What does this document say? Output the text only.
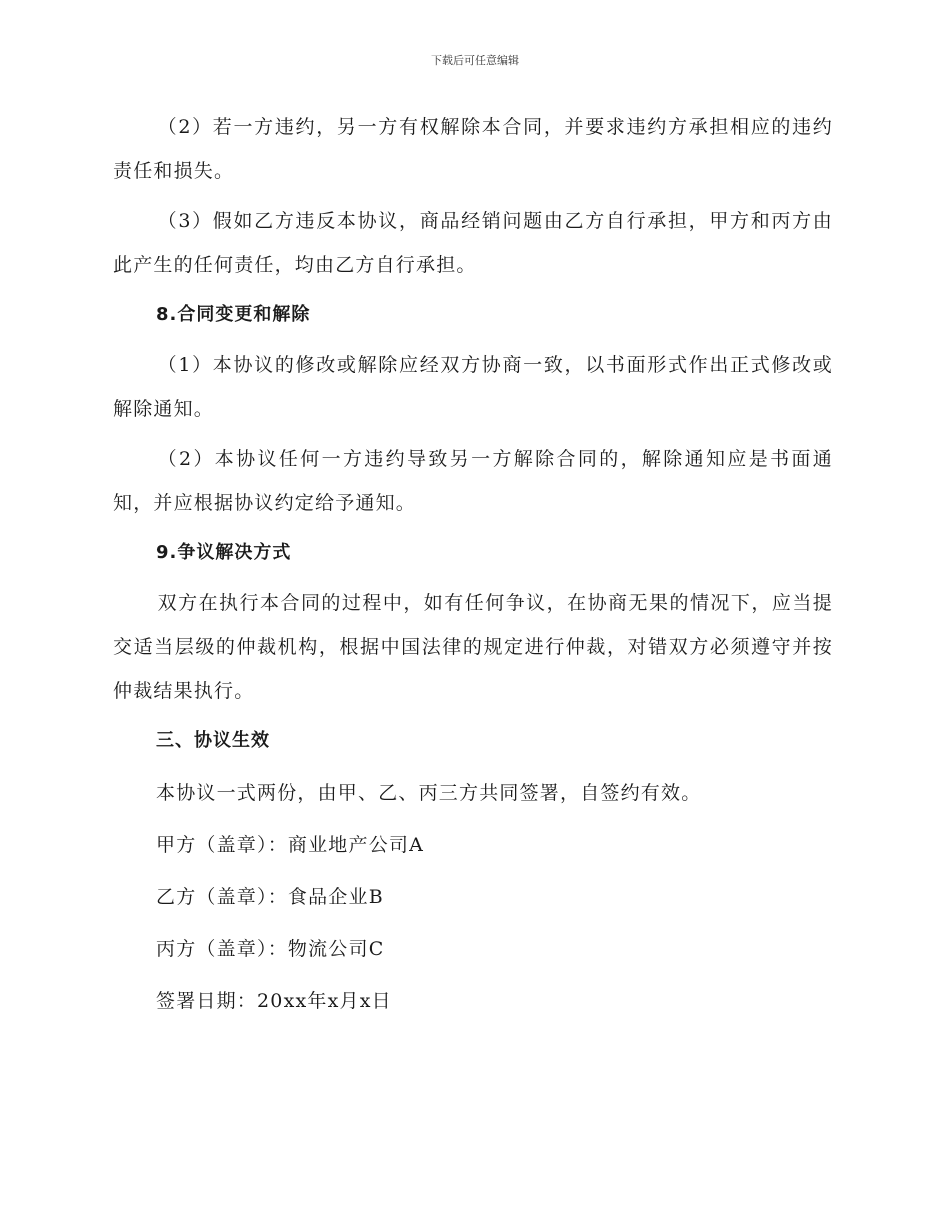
下载后可任意编辑

（2）若一方违约，另一方有权解除本合同，并要求违约方承担相应的违约责任和损失。

（3）假如乙方违反本协议，商品经销问题由乙方自行承担，甲方和丙方由此产生的任何责任，均由乙方自行承担。

8.合同变更和解除

（1）本协议的修改或解除应经双方协商一致，以书面形式作出正式修改或解除通知。

（2）本协议任何一方违约导致另一方解除合同的，解除通知应是书面通知，并应根据协议约定给予通知。

9.争议解决方式

双方在执行本合同的过程中，如有任何争议，在协商无果的情况下，应当提交适当层级的仲裁机构，根据中国法律的规定进行仲裁，对错双方必须遵守并按仲裁结果执行。

三、协议生效

本协议一式两份，由甲、乙、丙三方共同签署，自签约有效。

甲方（盖章）：商业地产公司A

乙方（盖章）：食品企业B

丙方（盖章）：物流公司C

签署日期：20xx年x月x日
